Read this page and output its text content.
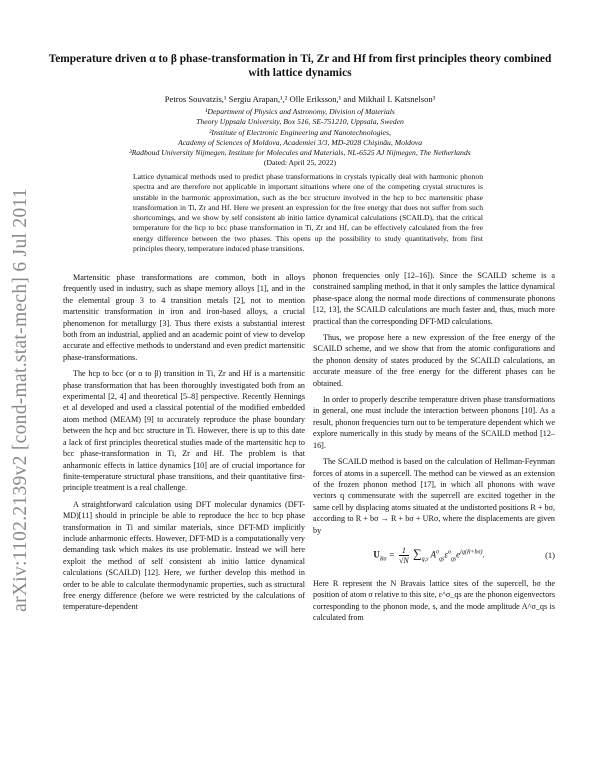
arXiv:1102.2139v2 [cond-mat.stat-mech] 6 Jul 2011
Temperature driven α to β phase-transformation in Ti, Zr and Hf from first principles theory combined with lattice dynamics
Petros Souvatzis,¹ Sergiu Arapan,¹,² Olle Eriksson,¹ and Mikhail I. Katsnelson³
¹Department of Physics and Astronomy, Division of Materials
Theory Uppsala University, Box 516, SE-751210, Uppsala, Sweden
²Institute of Electronic Engineering and Nanotechnologies,
Academy of Sciences of Moldova, Academiei 3/3, MD-2028 Chişinău, Moldova
³Radboud University Nijmegen, Institute for Molecules and Materials, NL-6525 AJ Nijmegen, The Netherlands
(Dated: April 25, 2022)
Lattice dynamical methods used to predict phase transformations in crystals typically deal with harmonic phonon spectra and are therefore not applicable in important situations where one of the competing crystal structures is unstable in the harmonic approximation, such as the bcc structure involved in the hcp to bcc martensitic phase transformation in Ti, Zr and Hf. Here we present an expression for the free energy that does not suffer from such shortcomings, and we show by self consistent ab initio lattice dynamical calculations (SCAILD), that the critical temperature for the hcp to bcc phase transformation in Ti, Zr and Hf, can be effectively calculated from the free energy difference between the two phases. This opens up the possibility to study quantitatively, from first principles theory, temperature induced phase transitions.

Martensitic phase transformations are common, both in alloys frequently used in industry, such as shape memory alloys [1], and in the the elemental group 3 to 4 transition metals [2], not to mention martensitic transformation in iron and iron-based alloys, a crucial phenomenon for metallurgy [3]. Thus there exists a substantial interest both from an industrial, applied and an academic point of view to develop accurate and effective methods to understand and even predict martensitic phase-transformations.

The hcp to bcc (or α to β) transition in Ti, Zr and Hf is a martensitic phase transformation that has been thoroughly investigated both from an experimental [2, 4] and theoretical [5–8] perspective. Recently Hennings et al developed and used a classical potential of the modified embedded atom method (MEAM) [9] to accurately reproduce the phase boundary between the hcp and bcc structure in Ti. However, there is up to this date a lack of first principles theoretical studies made of the martensitic hcp to bcc phase-transformation in Ti, Zr and Hf. The problem is that anharmonic effects in lattice dynamics [10] are of crucial importance for finite-temperature structural phase transitions, and their quantitative first-principle treatment is a real challenge.

A straightforward calculation using DFT molecular dynamics (DFT-MD)[11] should in principle be able to reproduce the hcc to bcp phase transformation in Ti and similar materials, since DFT-MD implicitly include anharmonic effects. However, DFT-MD is a computationally very demanding task which makes its use problematic. Instead we will here exploit the method of self consistent ab initio lattice dynamical calculations (SCAILD) [12]. Here, we further develop this method in order to be able to calculate thermodynamic properties, such as structural free energy difference (before we were restricted by the calculations of temperature-dependent

phonon frequencies only [12–16]). Since the SCAILD scheme is a constrained sampling method, in that it only samples the lattice dynamical phase-space along the normal mode directions of commensurate phonons [12, 13], the SCAILD calculations are much faster and, thus, much more practical than the corresponding DFT-MD calculations.

Thus, we propose here a new expression of the free energy of the SCAILD scheme, and we show that from the atomic configurations and the phonon density of states produced by the SCAILD calculations, an accurate measure of the free energy for the different phases can be obtained.

In order to properly describe temperature driven phase transformations in general, one must include the interaction between phonons [10]. As a result, phonon frequencies turn out to be temperature dependent which we explore numerically in this study by means of the SCAILD method [12–16].

The SCAILD method is based on the calculation of Hellman-Feynman forces of atoms in a supercell. The method can be viewed as an extension of the frozen phonon method [17], in which all phonons with wave vectors q commensurate with the supercell are excited together in the same cell by displacing atoms situated at the undistorted positions R + bσ, according to R + bσ → R + bσ + URσ, where the displacements are given by

$U_{R\sigma} = \frac{1}{√N} \sum_{q,s}$ $A^\sigma_{qs}\varepsilon^\sigma_{qs}e^{iq(R+b\sigma)}$.	(1)

Here R represent the N Bravais lattice sites of the supercell, bσ the position of atom σ relative to this site, ε^σ_qs are the phonon eigenvectors corresponding to the phonon mode, s, and the mode amplitude A^σ_qs is calculated from
